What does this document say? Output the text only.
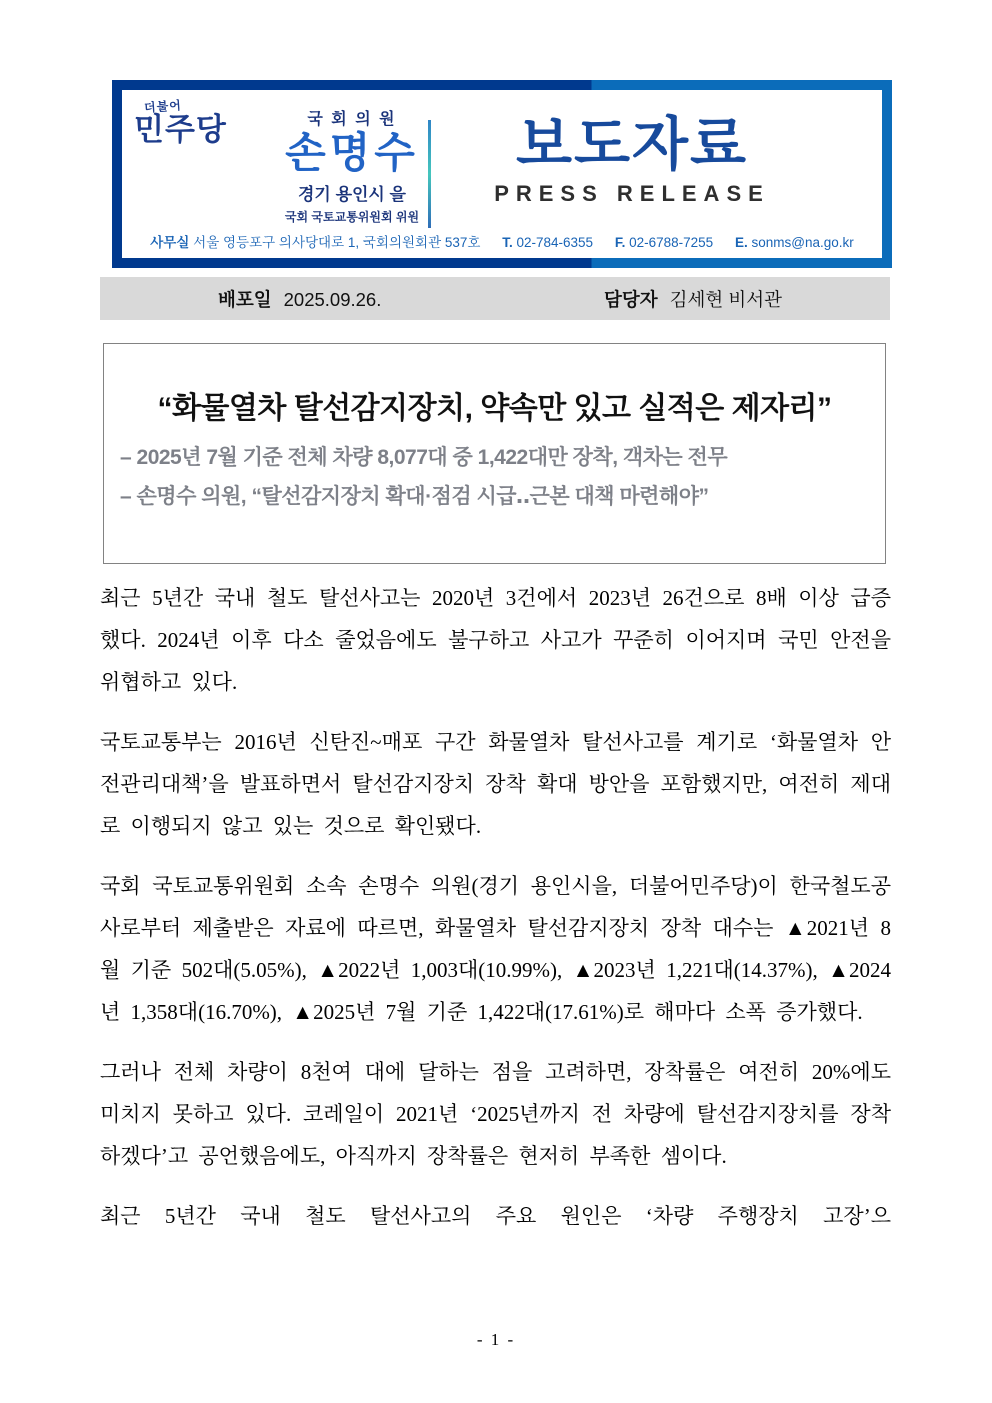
더불어
민주당	국 회 의 원
손명수
경기 용인시 을
국회 국토교통위원회 위원
보도자료
PRESS RELEASE
사무실 서울 영등포구 의사당대로 1, 국회의원회관 537호 T. 02-784-6355 F. 02-6788-7255 E. sonms@na.go.kr
배포일 2025.09.26.	담당자 김세현 비서관
“화물열차 탈선감지장치, 약속만 있고 실적은 제자리”
– 2025년 7월 기준 전체 차량 8,077대 중 1,422대만 장착, 객차는 전무
– 손명수 의원, “탈선감지장치 확대·점검 시급‥근본 대책 마련해야”

최근 5년간 국내 철도 탈선사고는 2020년 3건에서 2023년 26건으로 8배 이상 급증했다. 2024년 이후 다소 줄었음에도 불구하고 사고가 꾸준히 이어지며 국민 안전을 위협하고 있다.

국토교통부는 2016년 신탄진~매포 구간 화물열차 탈선사고를 계기로 ‘화물열차 안전관리대책’을 발표하면서 탈선감지장치 장착 확대 방안을 포함했지만, 여전히 제대로 이행되지 않고 있는 것으로 확인됐다.

국회 국토교통위원회 소속 손명수 의원(경기 용인시을, 더불어민주당)이 한국철도공사로부터 제출받은 자료에 따르면, 화물열차 탈선감지장치 장착 대수는 ▲2021년 8월 기준 502대(5.05%), ▲2022년 1,003대(10.99%), ▲2023년 1,221대(14.37%), ▲2024년 1,358대(16.70%), ▲2025년 7월 기준 1,422대(17.61%)로 해마다 소폭 증가했다.

그러나 전체 차량이 8천여 대에 달하는 점을 고려하면, 장착률은 여전히 20%에도 미치지 못하고 있다. 코레일이 2021년 ‘2025년까지 전 차량에 탈선감지장치를 장착하겠다’고 공언했음에도, 아직까지 장착률은 현저히 부족한 셈이다.

최근 5년간 국내 철도 탈선사고의 주요 원인은 ‘차량 주행장치 고장’으

- 1 -
